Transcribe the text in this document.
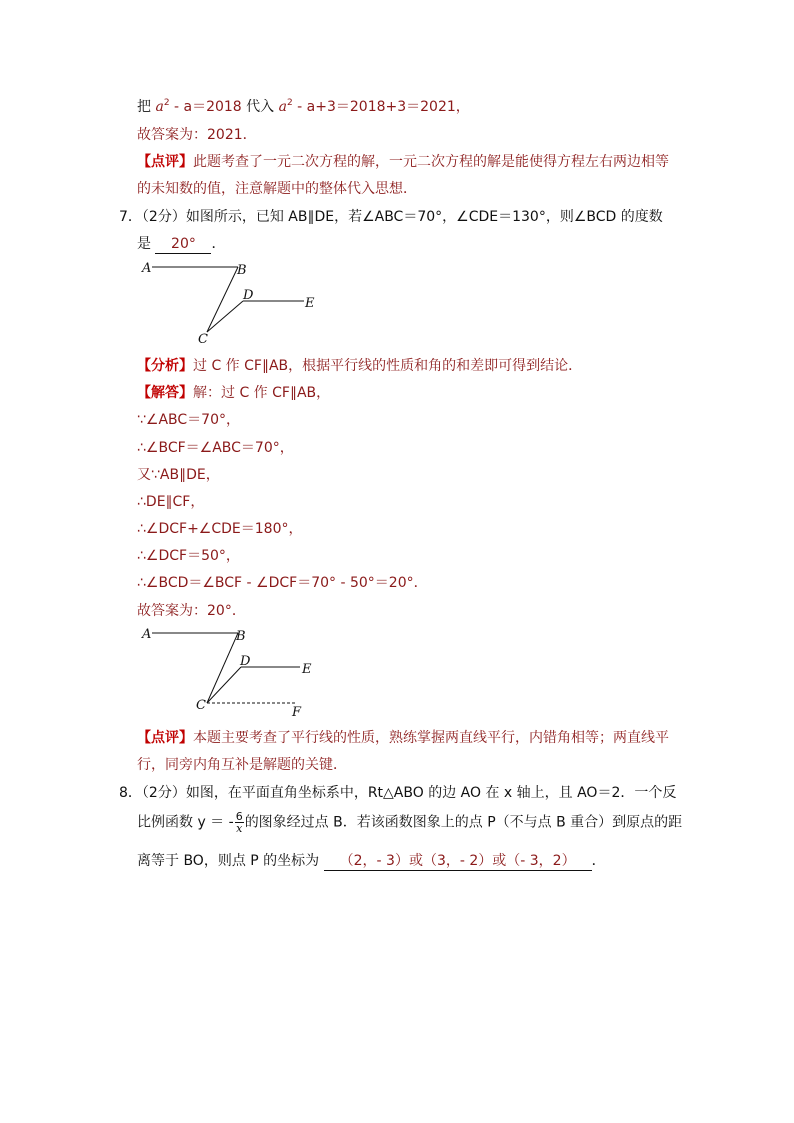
把 $a^2 - a=2018$ 代入 $a^2 - a+3=2018+3=2021$，
故答案为：2021．
【点评】此题考查了一元二次方程的解，一元二次方程的解是能使得方程左右两边相等
的未知数的值，注意解题中的整体代入思想．
7．（2分）如图所示，已知 AB∥DE，若∠ABC＝70°，∠CDE＝130°，则∠BCD 的度数
是 20° ．
A	B
D
E
C
【分析】过 C 作 CF∥AB，根据平行线的性质和角的和差即可得到结论．
【解答】解：过 C 作 CF∥AB，
∵∠ABC＝70°，
∴∠BCF＝∠ABC＝70°，
又∵AB∥DE，
∴DE∥CF，
∴∠DCF+∠CDE＝180°，
∴∠DCF＝50°，
∴∠BCD＝∠BCF - ∠DCF＝70° - 50°＝20°．
故答案为：20°．
A	B
D
E
C	F
【点评】本题主要考查了平行线的性质，熟练掌握两直线平行，内错角相等；两直线平
行，同旁内角互补是解题的关键．
8．（2分）如图，在平面直角坐标系中，Rt△ABO 的边 AO 在 x 轴上，且 AO＝2．一个反
比例函数 y ＝ - $\frac{6}{x}$ 的图象经过点 B．若该函数图象上的点 P（不与点 B 重合）到原点的距
离等于 BO，则点 P 的坐标为 （2，- 3）或（3，- 2）或（- 3，2） ．
